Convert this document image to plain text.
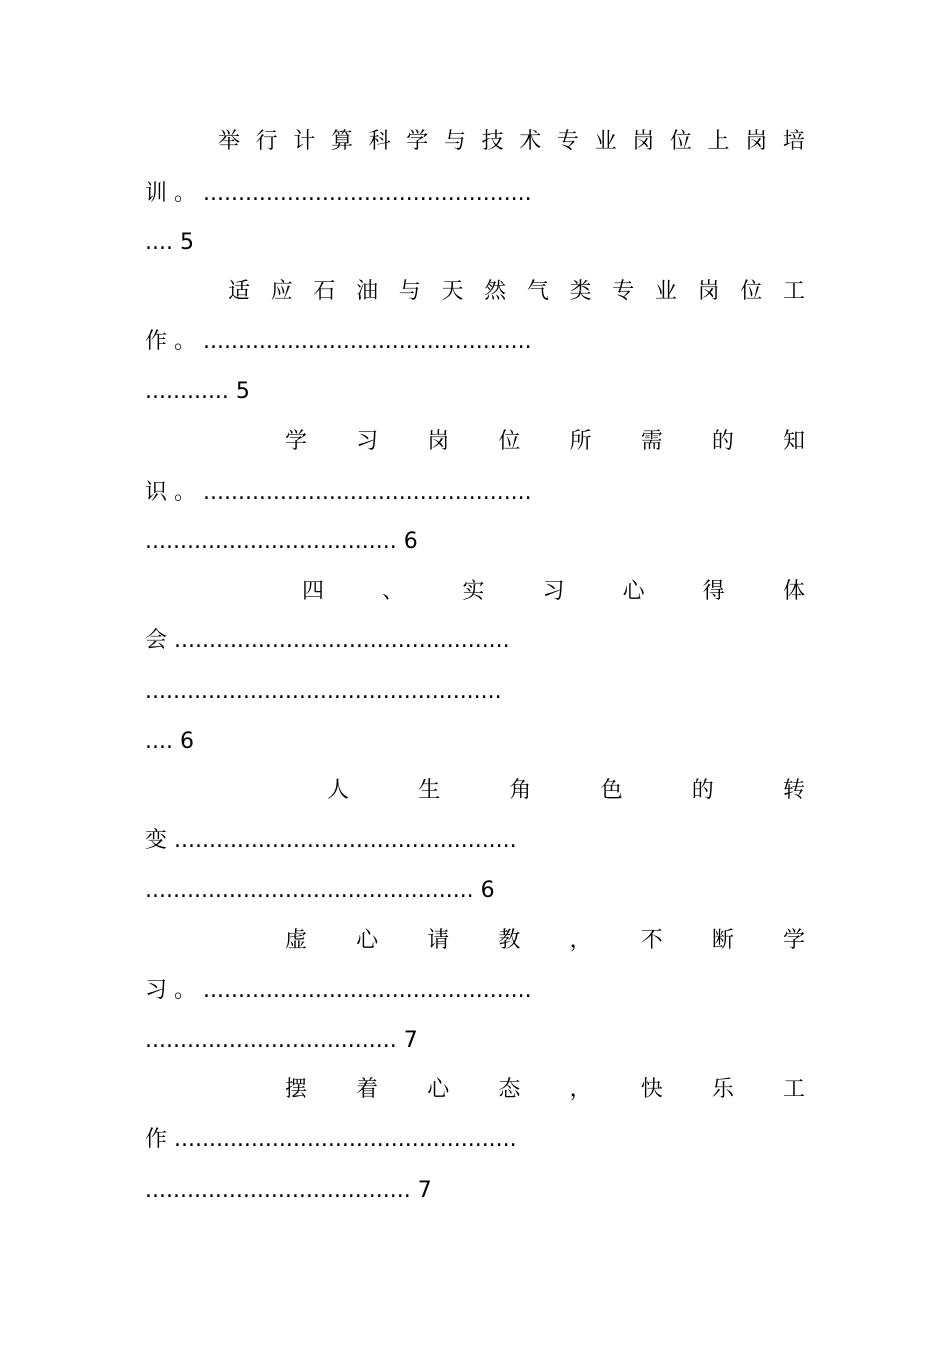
举 行 计 算 科 学 与 技 术 专 业 岗 位 上 岗 培
训 。 ...............................................
.... 5
适 应 石 油 与 天 然 气 类 专 业 岗 位 工
作 。 ...............................................
............ 5
学 习 岗 位 所 需 的 知
识 。 ...............................................
.................................... 6
四	、	实	习	心	得	体
会 ................................................
...................................................
.... 6
人	生	角	色	的	转
变 .................................................
............................................... 6
虚 心 请 教 ， 不 断 学
习 。 ...............................................
.................................... 7
摆 着 心 态 ， 快 乐 工
作 .................................................
...................................... 7
